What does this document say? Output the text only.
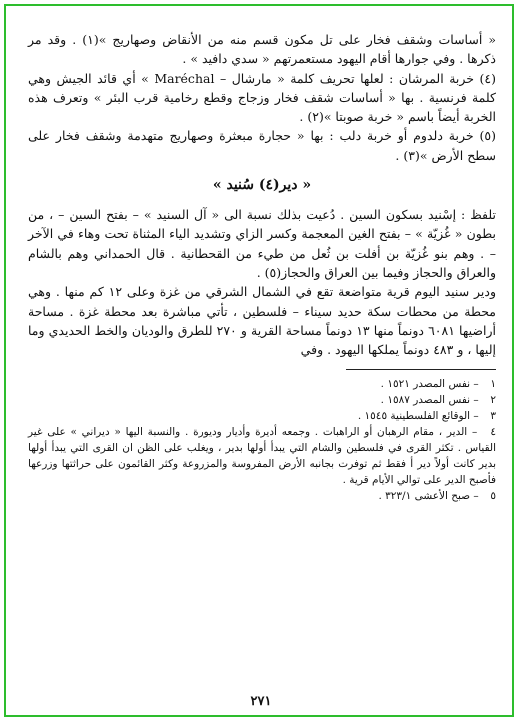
« أساسات وشقف فخار على تل مكون قسم منه من الأنقاض وصهاريج »(١) . وقد مر ذكرها . وفي جوارها أقام اليهود مستعمرتهم « سدي دافيد » .

(٤) خربة المرشان : لعلها تحريف كلمة « مارشال – Maréchal » أي قائد الجيش وهي كلمة فرنسية . بها « أساسات شقف فخار وزجاج وقطع رخامية قرب البئر » وتعرف هذه الخربة أيضاً باسم « خربة صوبتا »(٢) .

(٥) خربة دلدوم أو خربة دلب : بها « حجارة مبعثرة وصهاريج متهدمة وشقف فخار على سطح الأرض »(٣) .

« دير(٤) سُنيد »

تلفظ : إسْنيد بسكون السين . دُعيت بذلك نسبة الى « آل السنيد » – بفتح السين – ، من بطون « غُزيّة » – بفتح الغين المعجمة وكسر الزاي وتشديد الياء المثناة تحت وهاء في الآخر – . وهم بنو غُزيّة بن أفلت بن ثُعل من طيء من القحطانية . قال الحمداني وهم بالشام والعراق والحجاز وفيما بين العراق والحجاز(٥) .

ودير سنيد اليوم قرية متواضعة تقع في الشمال الشرقي من غزة وعلى ١٢ كم منها . وهي محطة من محطات سكة حديد سيناء – فلسطين ، تأتي مباشرة بعد محطة غزة . مساحة أراضيها ٦٠٨١ دونماً منها ١٣ دونماً مساحة القرية و ٢٧٠ للطرق والوديان والخط الحديدي وما إليها ، و ٤٨٣ دونماً يملكها اليهود . وفي

١ – نفس المصدر ١٥٢١ .
٢ – نفس المصدر ١٥٨٧ .
٣ – الوقائع الفلسطينية ١٥٤٥ .
٤ – الدير ، مقام الرهبان أو الراهبات . وجمعه أديرة وأديار وديورة . والنسبة اليها « ديراني » على غير القياس . تكثر القرى في فلسطين والشام التي يبدأ أولها بدير ، ويغلب على الظن ان القرى التي يبدأ أولها بدير كانت أولاً دير أ فقط ثم توفرت بجانبه الأرض المفروسة والمزروعة وكثر القائمون على حراثتها وزرعها فأصبح الدير على توالي الأيام قرية .
٥ – صبح الأعشى ٣٢٣/١ .
٢٧١
